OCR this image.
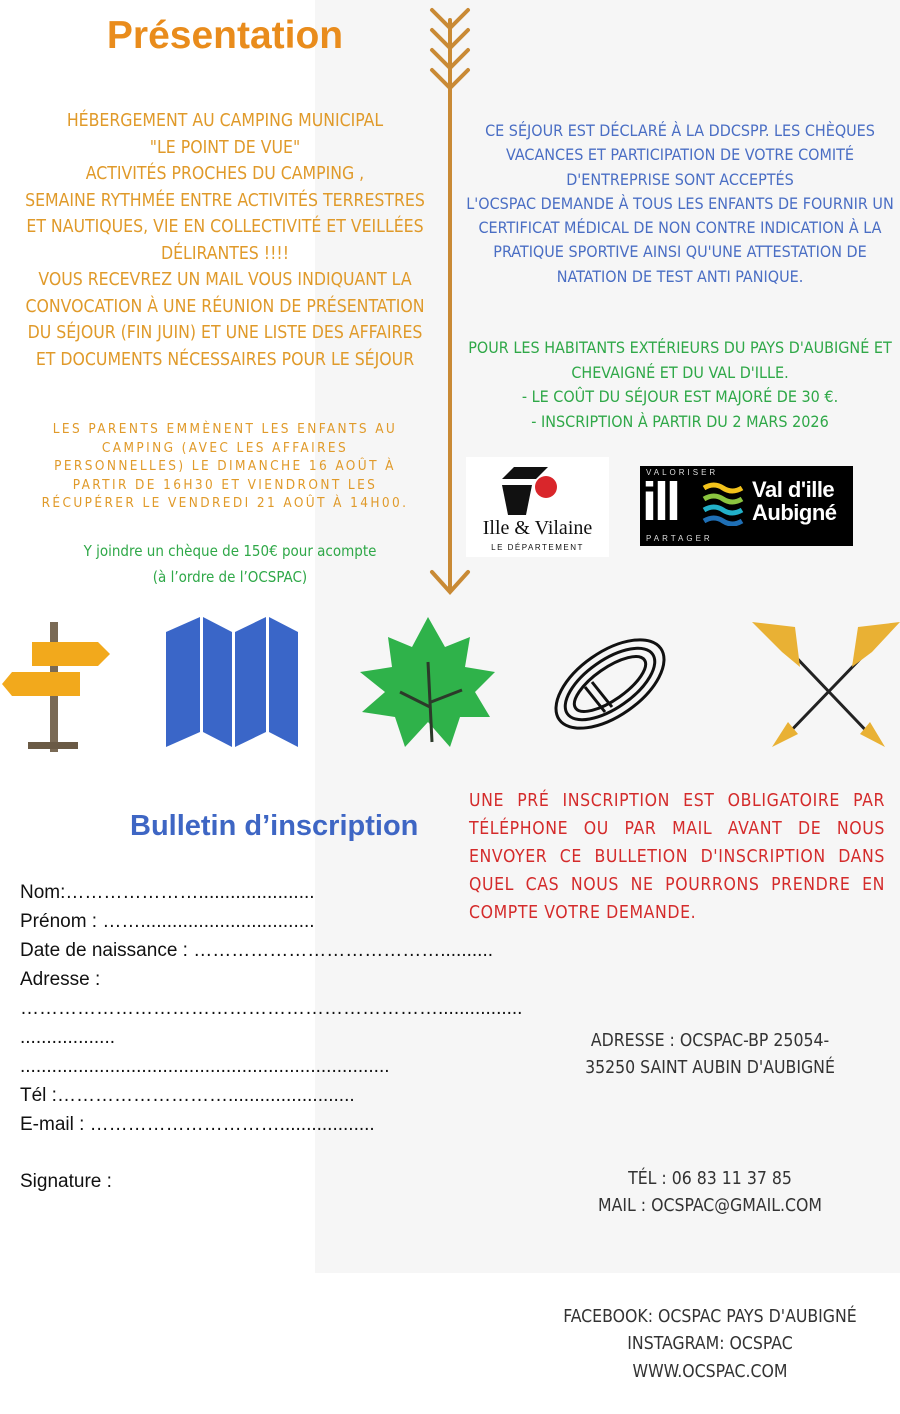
Présentation
HÉBERGEMENT AU CAMPING MUNICIPAL
"LE POINT DE VUE"
ACTIVITÉS PROCHES DU CAMPING ,
SEMAINE RYTHMÉE ENTRE ACTIVITÉS TERRESTRES
ET NAUTIQUES, VIE EN COLLECTIVITÉ ET VEILLÉES
DÉLIRANTES !!!!
VOUS RECEVREZ UN MAIL VOUS INDIQUANT LA
CONVOCATION À UNE RÉUNION DE PRÉSENTATION
DU SÉJOUR (FIN JUIN) ET UNE LISTE DES AFFAIRES
ET DOCUMENTS NÉCESSAIRES POUR LE SÉJOUR
LES PARENTS EMMÈNENT LES ENFANTS AU
CAMPING (AVEC LES AFFAIRES
PERSONNELLES) LE DIMANCHE 16 AOÛT À
PARTIR DE 16H30 ET VIENDRONT LES
RÉCUPÉRER LE VENDREDI 21 AOÛT À 14H00.
Y joindre un chèque de 150€ pour acompte
(à l’ordre de l’OCSPAC)
CE SÉJOUR EST DÉCLARÉ À LA DDCSPP. LES CHÈQUES
VACANCES ET PARTICIPATION DE VOTRE COMITÉ
D'ENTREPRISE SONT ACCEPTÉS
L'OCSPAC DEMANDE À TOUS LES ENFANTS DE FOURNIR UN
CERTIFICAT MÉDICAL DE NON CONTRE INDICATION À LA
PRATIQUE SPORTIVE AINSI QU'UNE ATTESTATION DE
NATATION DE TEST ANTI PANIQUE.
POUR LES HABITANTS EXTÉRIEURS DU PAYS D'AUBIGNÉ ET
CHEVAIGNÉ ET DU VAL D'ILLE.
- LE COÛT DU SÉJOUR EST MAJORÉ DE 30 €.
- INSCRIPTION À PARTIR DU 2 MARS 2026
Ille & Vilaine
LE DÉPARTEMENT
VALORISER
ill	Val d'ille
Aubigné
PARTAGER
Bulletin d’inscription
UNE PRÉ INSCRIPTION EST OBLIGATOIRE PAR TÉLÉPHONE OU PAR MAIL AVANT DE NOUS ENVOYER CE BULLETION D'INSCRIPTION DANS QUEL CAS NOUS NE POURRONS PRENDRE EN COMPTE VOTRE DEMANDE.
Nom:…………………......................
Prénom : …….................................
Date de naissance : …………………………………..........
Adresse :
…………………………………………………………................
..................
......................................................................
Tél :………………………........................
E-mail : …………………………..................
Signature :

ADRESSE : OCSPAC-BP 25054-
35250 SAINT AUBIN D'AUBIGNÉ

TÉL : 06 83 11 37 85
MAIL : OCSPAC@GMAIL.COM

FACEBOOK: OCSPAC PAYS D'AUBIGNÉ
INSTAGRAM: OCSPAC
WWW.OCSPAC.COM
